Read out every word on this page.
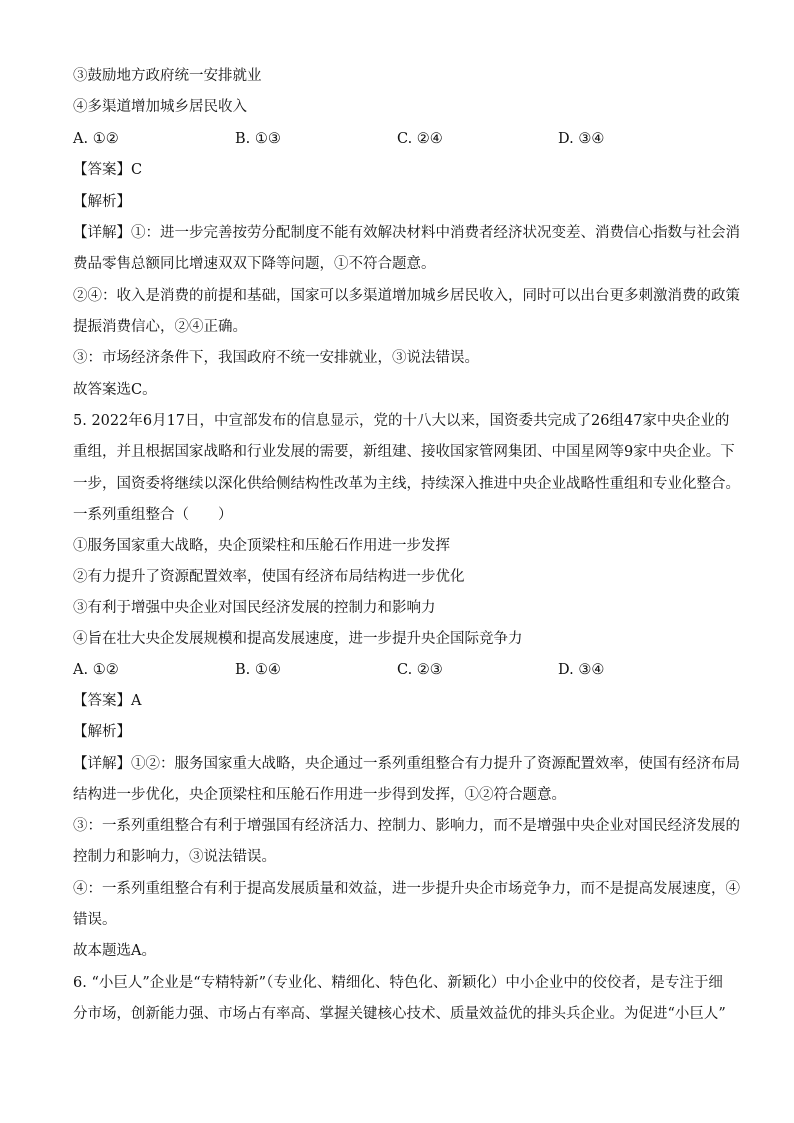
③鼓励地方政府统一安排就业
④多渠道增加城乡居民收入
A. ①②	B. ①③	C. ②④	D. ③④
【答案】C
【解析】
【详解】①：进一步完善按劳分配制度不能有效解决材料中消费者经济状况变差、消费信心指数与社会消
费品零售总额同比增速双双下降等问题，①不符合题意。
②④：收入是消费的前提和基础，国家可以多渠道增加城乡居民收入，同时可以出台更多刺激消费的政策
提振消费信心，②④正确。
③：市场经济条件下，我国政府不统一安排就业，③说法错误。
故答案选C。
5. 2022年6月17日，中宣部发布的信息显示，党的十八大以来，国资委共完成了26组47家中央企业的
重组，并且根据国家战略和行业发展的需要，新组建、接收国家管网集团、中国星网等9家中央企业。下
一步，国资委将继续以深化供给侧结构性改革为主线，持续深入推进中央企业战略性重组和专业化整合。
一系列重组整合（　　）
①服务国家重大战略，央企顶梁柱和压舱石作用进一步发挥
②有力提升了资源配置效率，使国有经济布局结构进一步优化
③有利于增强中央企业对国民经济发展的控制力和影响力
④旨在壮大央企发展规模和提高发展速度，进一步提升央企国际竞争力
A. ①②	B. ①④	C. ②③	D. ③④
【答案】A
【解析】
【详解】①②：服务国家重大战略，央企通过一系列重组整合有力提升了资源配置效率，使国有经济布局
结构进一步优化，央企顶梁柱和压舱石作用进一步得到发挥，①②符合题意。
③：一系列重组整合有利于增强国有经济活力、控制力、影响力，而不是增强中央企业对国民经济发展的
控制力和影响力，③说法错误。
④：一系列重组整合有利于提高发展质量和效益，进一步提升央企市场竞争力，而不是提高发展速度，④
错误。
故本题选A。
6. “小巨人”企业是“专精特新”（专业化、精细化、特色化、新颖化）中小企业中的佼佼者，是专注于细
分市场，创新能力强、市场占有率高、掌握关键核心技术、质量效益优的排头兵企业。为促进“小巨人”
